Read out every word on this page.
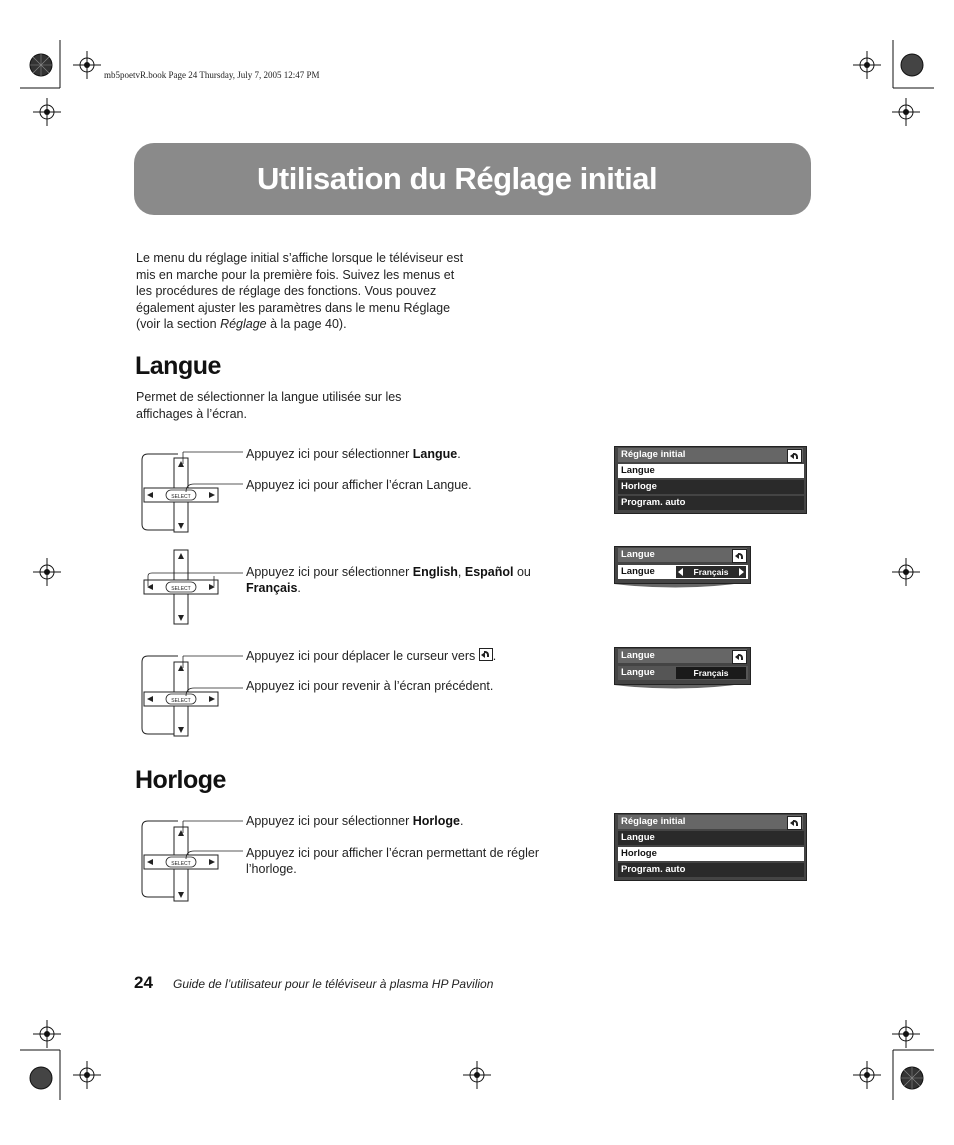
mb5poetvR.book Page 24 Thursday, July 7, 2005 12:47 PM
Utilisation du Réglage initial
Le menu du réglage initial s’affiche lorsque le téléviseur est mis en marche pour la première fois. Suivez les menus et les procédures de réglage des fonctions. Vous pouvez également ajuster les paramètres dans le menu Réglage (voir la section Réglage à la page 40).
Langue
Permet de sélectionner la langue utilisée sur les affichages à l’écran.
SELECT
Appuyez ici pour sélectionner Langue.
Appuyez ici pour afficher l’écran Langue.
Réglage initial
Langue
Horloge
Program. auto
SELECT
Appuyez ici pour sélectionner English, Español ou
Français.
Langue
Langue	Français
SELECT
Appuyez ici pour déplacer le curseur vers .
Appuyez ici pour revenir à l’écran précédent.
Langue
Langue	Français
Horloge
SELECT
Appuyez ici pour sélectionner Horloge.
Appuyez ici pour afficher l’écran permettant de régler
l’horloge.
Réglage initial
Langue
Horloge
Program. auto
24 Guide de l’utilisateur pour le téléviseur à plasma HP Pavilion
